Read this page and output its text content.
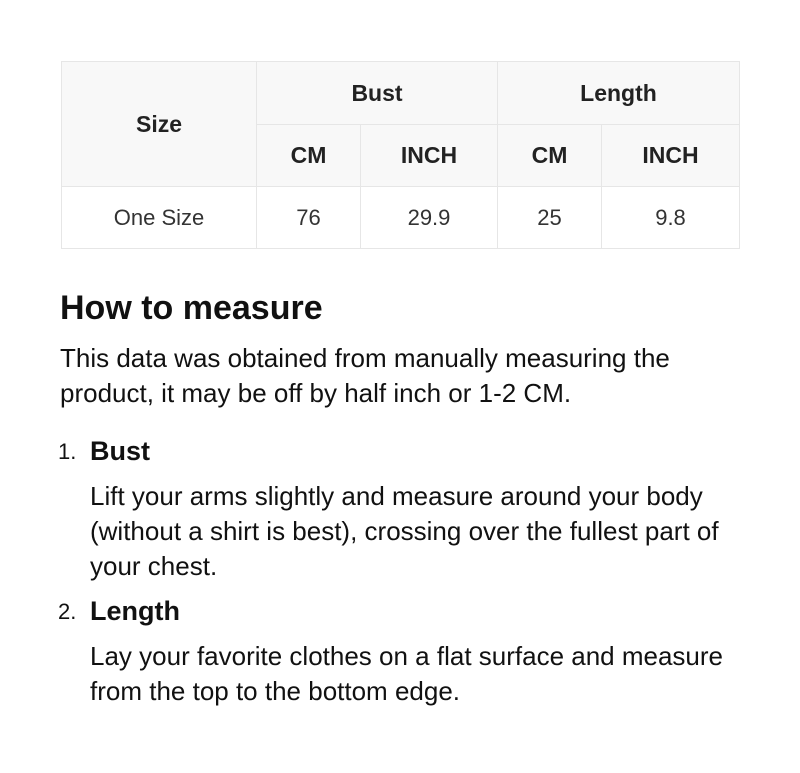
Size	Bust		Length	
	CM	INCH	CM	INCH
One Size	76	29.9	25	9.8
How to measure

This data was obtained from manually measuring the product, it may be off by half inch or 1-2 CM.

1. Bust

Lift your arms slightly and measure around your body (without a shirt is best), crossing over the fullest part of your chest.

2. Length

Lay your favorite clothes on a flat surface and measure from the top to the bottom edge.
